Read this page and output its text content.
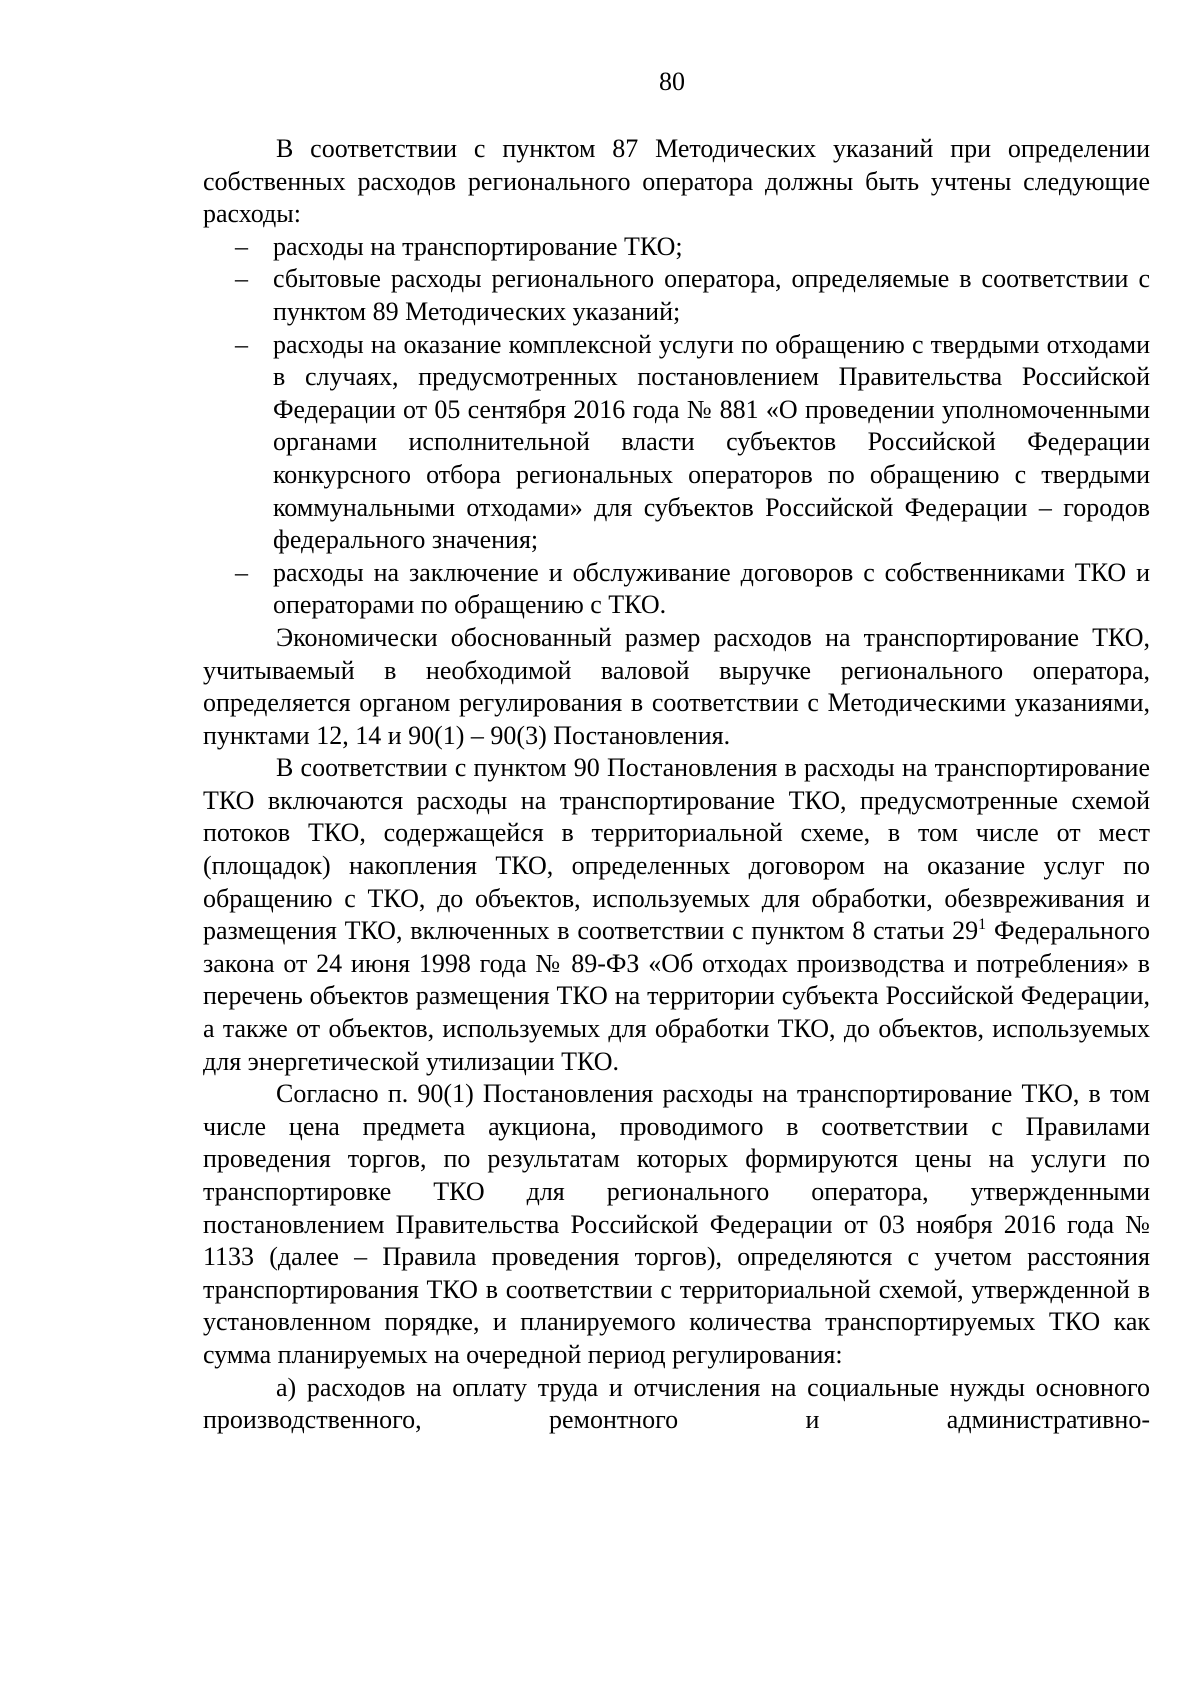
80

В соответствии с пунктом 87 Методических указаний при определении собственных расходов регионального оператора должны быть учтены следующие расходы:

– расходы на транспортирование ТКО;
– сбытовые расходы регионального оператора, определяемые в соответствии с пунктом 89 Методических указаний;
– расходы на оказание комплексной услуги по обращению с твердыми отходами в случаях, предусмотренных постановлением Правительства Российской Федерации от 05 сентября 2016 года № 881 «О проведении уполномоченными органами исполнительной власти субъектов Российской Федерации конкурсного отбора региональных операторов по обращению с твердыми коммунальными отходами» для субъектов Российской Федерации – городов федерального значения;
– расходы на заключение и обслуживание договоров с собственниками ТКО и операторами по обращению с ТКО.

Экономически обоснованный размер расходов на транспортирование ТКО, учитываемый в необходимой валовой выручке регионального оператора, определяется органом регулирования в соответствии с Методическими указаниями, пунктами 12, 14 и 90(1) – 90(3) Постановления.

В соответствии с пунктом 90 Постановления в расходы на транспортирование ТКО включаются расходы на транспортирование ТКО, предусмотренные схемой потоков ТКО, содержащейся в территориальной схеме, в том числе от мест (площадок) накопления ТКО, определенных договором на оказание услуг по обращению с ТКО, до объектов, используемых для обработки, обезвреживания и размещения ТКО, включенных в соответствии с пунктом 8 статьи $29^1$ Федерального закона от 24 июня 1998 года № 89-ФЗ «Об отходах производства и потребления» в перечень объектов размещения ТКО на территории субъекта Российской Федерации, а также от объектов, используемых для обработки ТКО, до объектов, используемых для энергетической утилизации ТКО.

Согласно п. 90(1) Постановления расходы на транспортирование ТКО, в том числе цена предмета аукциона, проводимого в соответствии с Правилами проведения торгов, по результатам которых формируются цены на услуги по транспортировке ТКО для регионального оператора, утвержденными постановлением Правительства Российской Федерации от 03 ноября 2016 года № 1133 (далее – Правила проведения торгов), определяются с учетом расстояния транспортирования ТКО в соответствии с территориальной схемой, утвержденной в установленном порядке, и планируемого количества транспортируемых ТКО как сумма планируемых на очередной период регулирования:

а) расходов на оплату труда и отчисления на социальные нужды основного производственного, ремонтного и административно-
